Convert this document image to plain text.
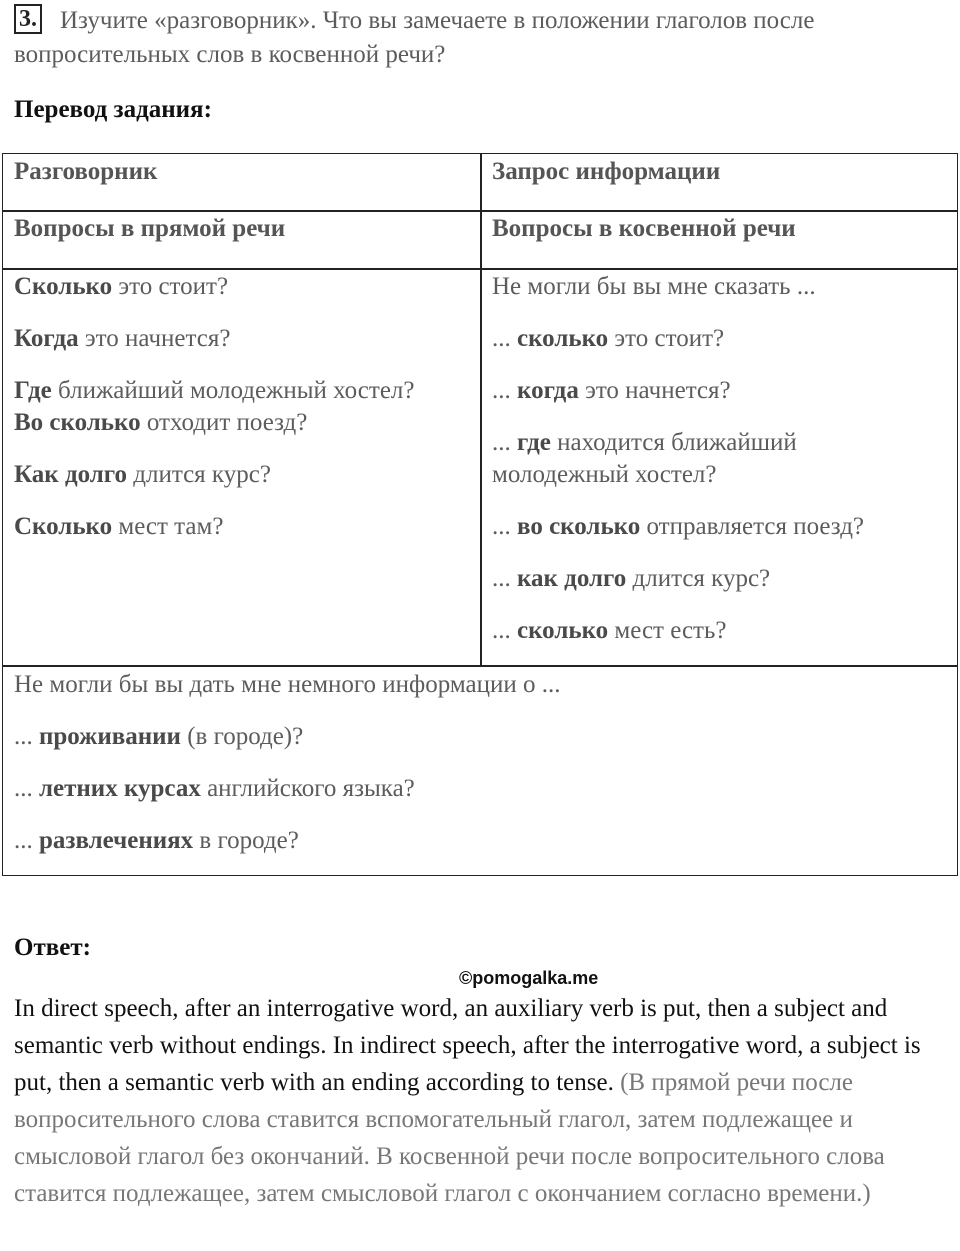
3. Изучите «разговорник». Что вы замечаете в положении глаголов после вопросительных слов в косвенной речи?
Перевод задания:
Разговорник	Запрос информации
Вопросы в прямой речи	Вопросы в косвенной речи
Сколько это стоит?
Когда это начнется?
Где ближайший молодежный хостел?
Во сколько отходит поезд?
Как долго длится курс?
Сколько мест там?
Не могли бы вы мне сказать ...
... сколько это стоит?
... когда это начнется?
... где находится ближайший
молодежный хостел?
... во сколько отправляется поезд?
... как долго длится курс?
... сколько мест есть?
Не могли бы вы дать мне немного информации о ...
... проживании (в городе)?
... летних курсах английского языка?
... развлечениях в городе?
Ответ:
©pomogalka.me
In direct speech, after an interrogative word, an auxiliary verb is put, then a subject and semantic verb without endings. In indirect speech, after the interrogative word, a subject is put, then a semantic verb with an ending according to tense. (В прямой речи после вопросительного слова ставится вспомогательный глагол, затем подлежащее и смысловой глагол без окончаний. В косвенной речи после вопросительного слова ставится подлежащее, затем смысловой глагол с окончанием согласно времени.)
